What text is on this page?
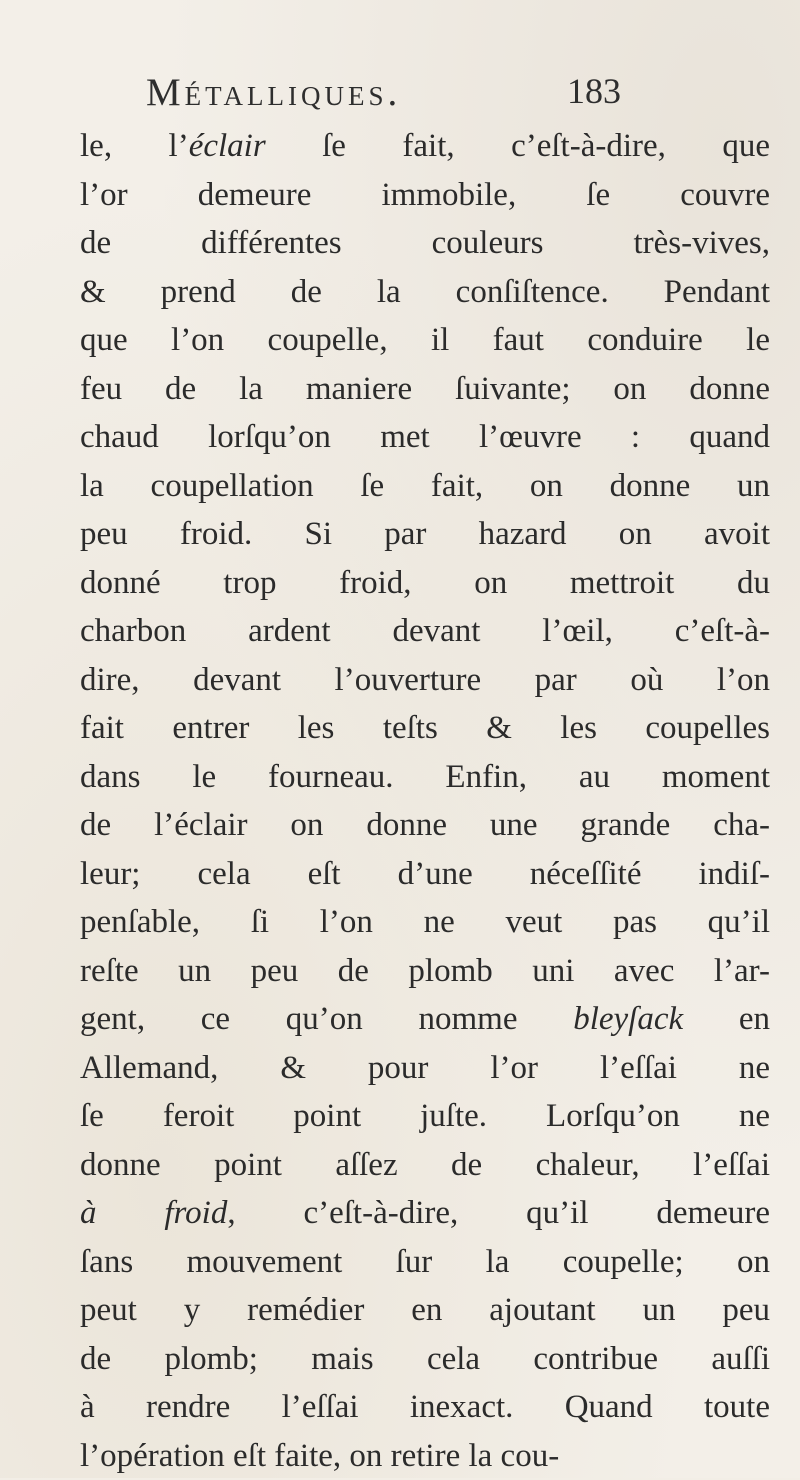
Métalliques.	183
le, l’éclair ſe fait, c’eſt-à-dire, que
l’or demeure immobile, ſe couvre
de différentes couleurs très-vives,
& prend de la conſiſtence. Pendant
que l’on coupelle, il faut conduire le
feu de la maniere ſuivante; on donne
chaud lorſqu’on met l’œuvre : quand
la coupellation ſe fait, on donne un
peu froid. Si par hazard on avoit
donné trop froid, on mettroit du
charbon ardent devant l’œil, c’eſt-à-
dire, devant l’ouverture par où l’on
fait entrer les teſts & les coupelles
dans le fourneau. Enfin, au moment
de l’éclair on donne une grande cha-
leur; cela eſt d’une néceſſité indiſ-
penſable, ſi l’on ne veut pas qu’il
reſte un peu de plomb uni avec l’ar-
gent, ce qu’on nomme bleyſack en
Allemand, & pour l’or l’eſſai ne
ſe feroit point juſte. Lorſqu’on ne
donne point aſſez de chaleur, l’eſſai
à froid, c’eſt-à-dire, qu’il demeure
ſans mouvement ſur la coupelle; on
peut y remédier en ajoutant un peu
de plomb; mais cela contribue auſſi
à rendre l’eſſai inexact. Quand toute
l’opération eſt faite, on retire la cou-
